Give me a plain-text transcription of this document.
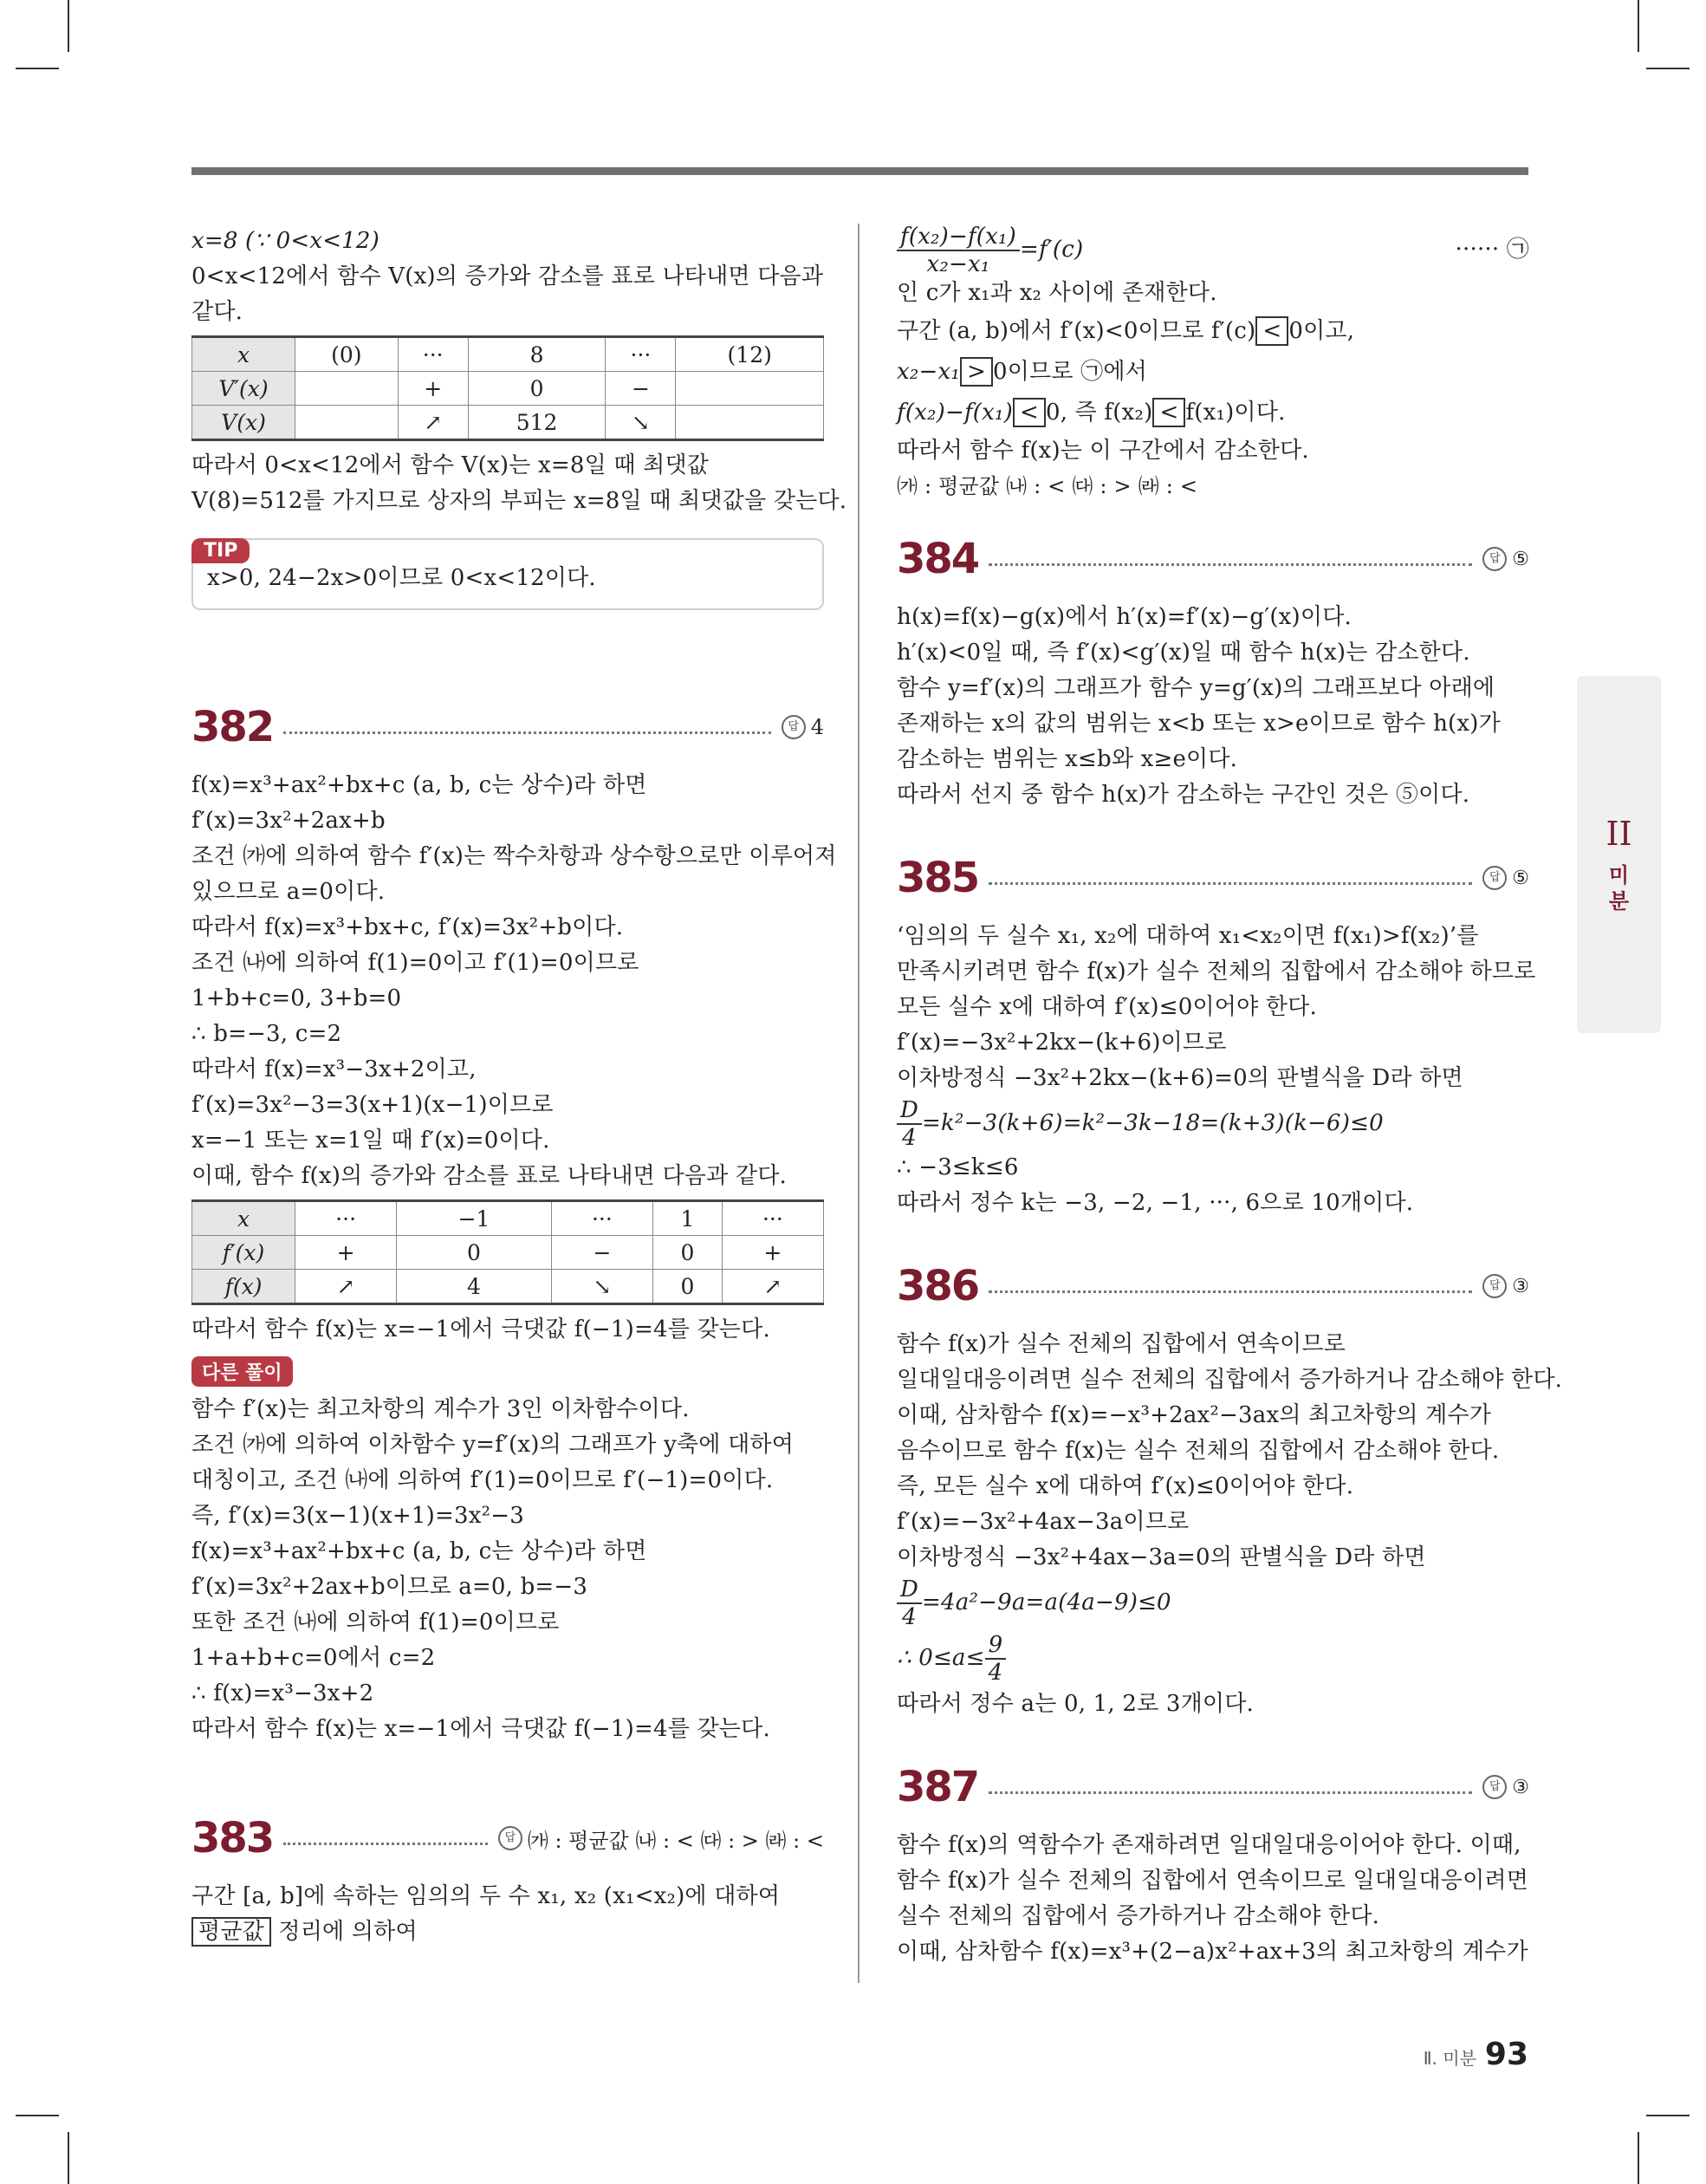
x=8 (∵ 0<x<12)
0<x<12에서 함수 V(x)의 증가와 감소를 표로 나타내면 다음과
같다.
x	(0)	···	8	···	(12)
V′(x)		+	0	−	
V(x)		↗	512	↘	
따라서 0<x<12에서 함수 V(x)는 x=8일 때 최댓값
V(8)=512를 가지므로 상자의 부피는 x=8일 때 최댓값을 갖는다.
TIP
x>0, 24−2x>0이므로 0<x<12이다.
382	답 4
f(x)=x³+ax²+bx+c (a, b, c는 상수)라 하면
f′(x)=3x²+2ax+b
조건 ㈎에 의하여 함수 f′(x)는 짝수차항과 상수항으로만 이루어져
있으므로 a=0이다.
따라서 f(x)=x³+bx+c, f′(x)=3x²+b이다.
조건 ㈏에 의하여 f(1)=0이고 f′(1)=0이므로
1+b+c=0, 3+b=0
∴ b=−3, c=2
따라서 f(x)=x³−3x+2이고,
f′(x)=3x²−3=3(x+1)(x−1)이므로
x=−1 또는 x=1일 때 f′(x)=0이다.
이때, 함수 f(x)의 증가와 감소를 표로 나타내면 다음과 같다.
x	···	−1	···	1	···
f′(x)	+	0	−	0	+
f(x)	↗	4	↘	0	↗
따라서 함수 f(x)는 x=−1에서 극댓값 f(−1)=4를 갖는다.
다른 풀이
함수 f′(x)는 최고차항의 계수가 3인 이차함수이다.
조건 ㈎에 의하여 이차함수 y=f′(x)의 그래프가 y축에 대하여
대칭이고, 조건 ㈏에 의하여 f′(1)=0이므로 f′(−1)=0이다.
즉, f′(x)=3(x−1)(x+1)=3x²−3
f(x)=x³+ax²+bx+c (a, b, c는 상수)라 하면
f′(x)=3x²+2ax+b이므로 a=0, b=−3
또한 조건 ㈏에 의하여 f(1)=0이므로
1+a+b+c=0에서 c=2
∴ f(x)=x³−3x+2
따라서 함수 f(x)는 x=−1에서 극댓값 f(−1)=4를 갖는다.
383	답 ㈎ : 평균값 ㈏ : < ㈐ : > ㈑ : <
구간 [a, b]에 속하는 임의의 두 수 x₁, x₂ (x₁<x₂)에 대하여
평균값 정리에 의하여
$\frac{\text{f(x₂)−f(x₁)}}{\text{x₂−x₁}} =f'(c)$	······ ㉠
인 c가 x₁과 x₂ 사이에 존재한다.
구간 (a, b)에서 f′(x)<0이므로 f′(c) < 0이고,
x₂−x₁ > 0이므로 ㉠에서
f(x₂)−f(x₁) < 0, 즉 f(x₂) < f(x₁)이다.
따라서 함수 f(x)는 이 구간에서 감소한다.
㈎ : 평균값 ㈏ : < ㈐ : > ㈑ : <
384	답 ⑤
h(x)=f(x)−g(x)에서 h′(x)=f′(x)−g′(x)이다.
h′(x)<0일 때, 즉 f′(x)<g′(x)일 때 함수 h(x)는 감소한다.
함수 y=f′(x)의 그래프가 함수 y=g′(x)의 그래프보다 아래에
존재하는 x의 값의 범위는 x<b 또는 x>e이므로 함수 h(x)가
감소하는 범위는 x≤b와 x≥e이다.
따라서 선지 중 함수 h(x)가 감소하는 구간인 것은 ⑤이다.
385	답 ⑤
‘임의의 두 실수 x₁, x₂에 대하여 x₁<x₂이면 f(x₁)>f(x₂)’를
만족시키려면 함수 f(x)가 실수 전체의 집합에서 감소해야 하므로
모든 실수 x에 대하여 f′(x)≤0이어야 한다.
f′(x)=−3x²+2kx−(k+6)이므로
이차방정식 −3x²+2kx−(k+6)=0의 판별식을 D라 하면
$\frac{D}{4} =k^2-3(k+6)=k^2-3k-18=(k+3)(k-6)\le 0$
∴ −3≤k≤6
따라서 정수 k는 −3, −2, −1, ···, 6으로 10개이다.
386	답 ③
함수 f(x)가 실수 전체의 집합에서 연속이므로
일대일대응이려면 실수 전체의 집합에서 증가하거나 감소해야 한다.
이때, 삼차함수 f(x)=−x³+2ax²−3ax의 최고차항의 계수가
음수이므로 함수 f(x)는 실수 전체의 집합에서 감소해야 한다.
즉, 모든 실수 x에 대하여 f′(x)≤0이어야 한다.
f′(x)=−3x²+4ax−3a이므로
이차방정식 −3x²+4ax−3a=0의 판별식을 D라 하면
$\frac{D}{4} =4a^2-9a=a(4a-9)\le 0$
∴ $0\le a\le \frac{9}{4}$
따라서 정수 a는 0, 1, 2로 3개이다.
387	답 ③
함수 f(x)의 역함수가 존재하려면 일대일대응이어야 한다. 이때,
함수 f(x)가 실수 전체의 집합에서 연속이므로 일대일대응이려면
실수 전체의 집합에서 증가하거나 감소해야 한다.
이때, 삼차함수 f(x)=x³+(2−a)x²+ax+3의 최고차항의 계수가
II
미
분
Ⅱ. 미분 93
